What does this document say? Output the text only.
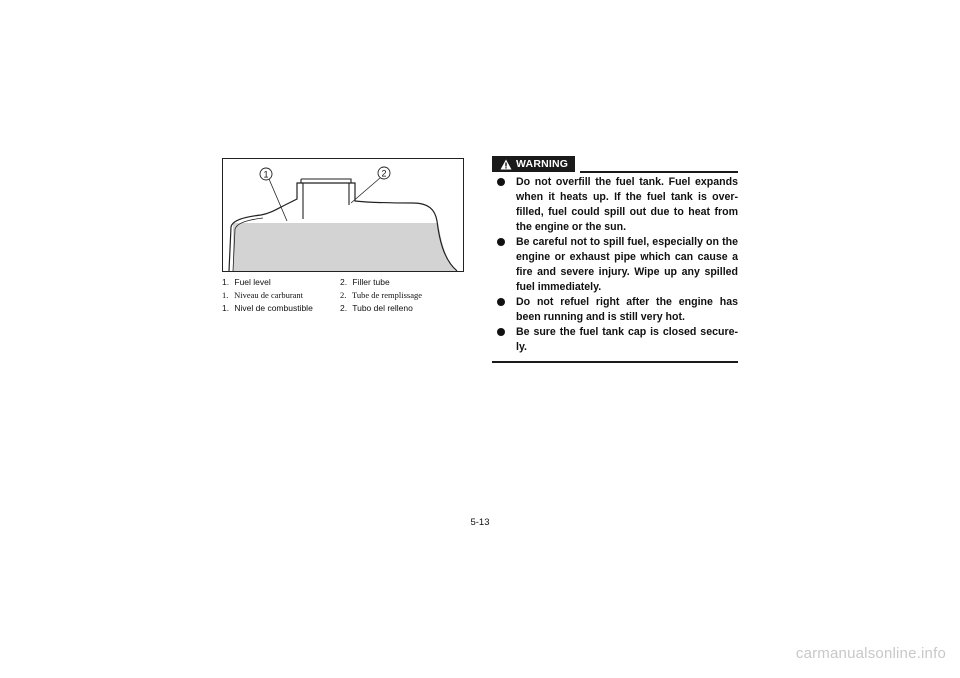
1	2
1. Fuel level	2. Filler tube
1. Niveau de carburant	2. Tube de remplissage
1. Nivel de combustible	2. Tubo del relleno
WARNING
Do not overfill the fuel tank. Fuel expands when it heats up. If the fuel tank is over-filled, fuel could spill out due to heat from the engine or the sun.
Be careful not to spill fuel, especially on the engine or exhaust pipe which can cause a fire and severe injury. Wipe up any spilled fuel immediately.
Do not refuel right after the engine has been running and is still very hot.
Be sure the fuel tank cap is closed secure-ly.
5-13
carmanualsonline.info
